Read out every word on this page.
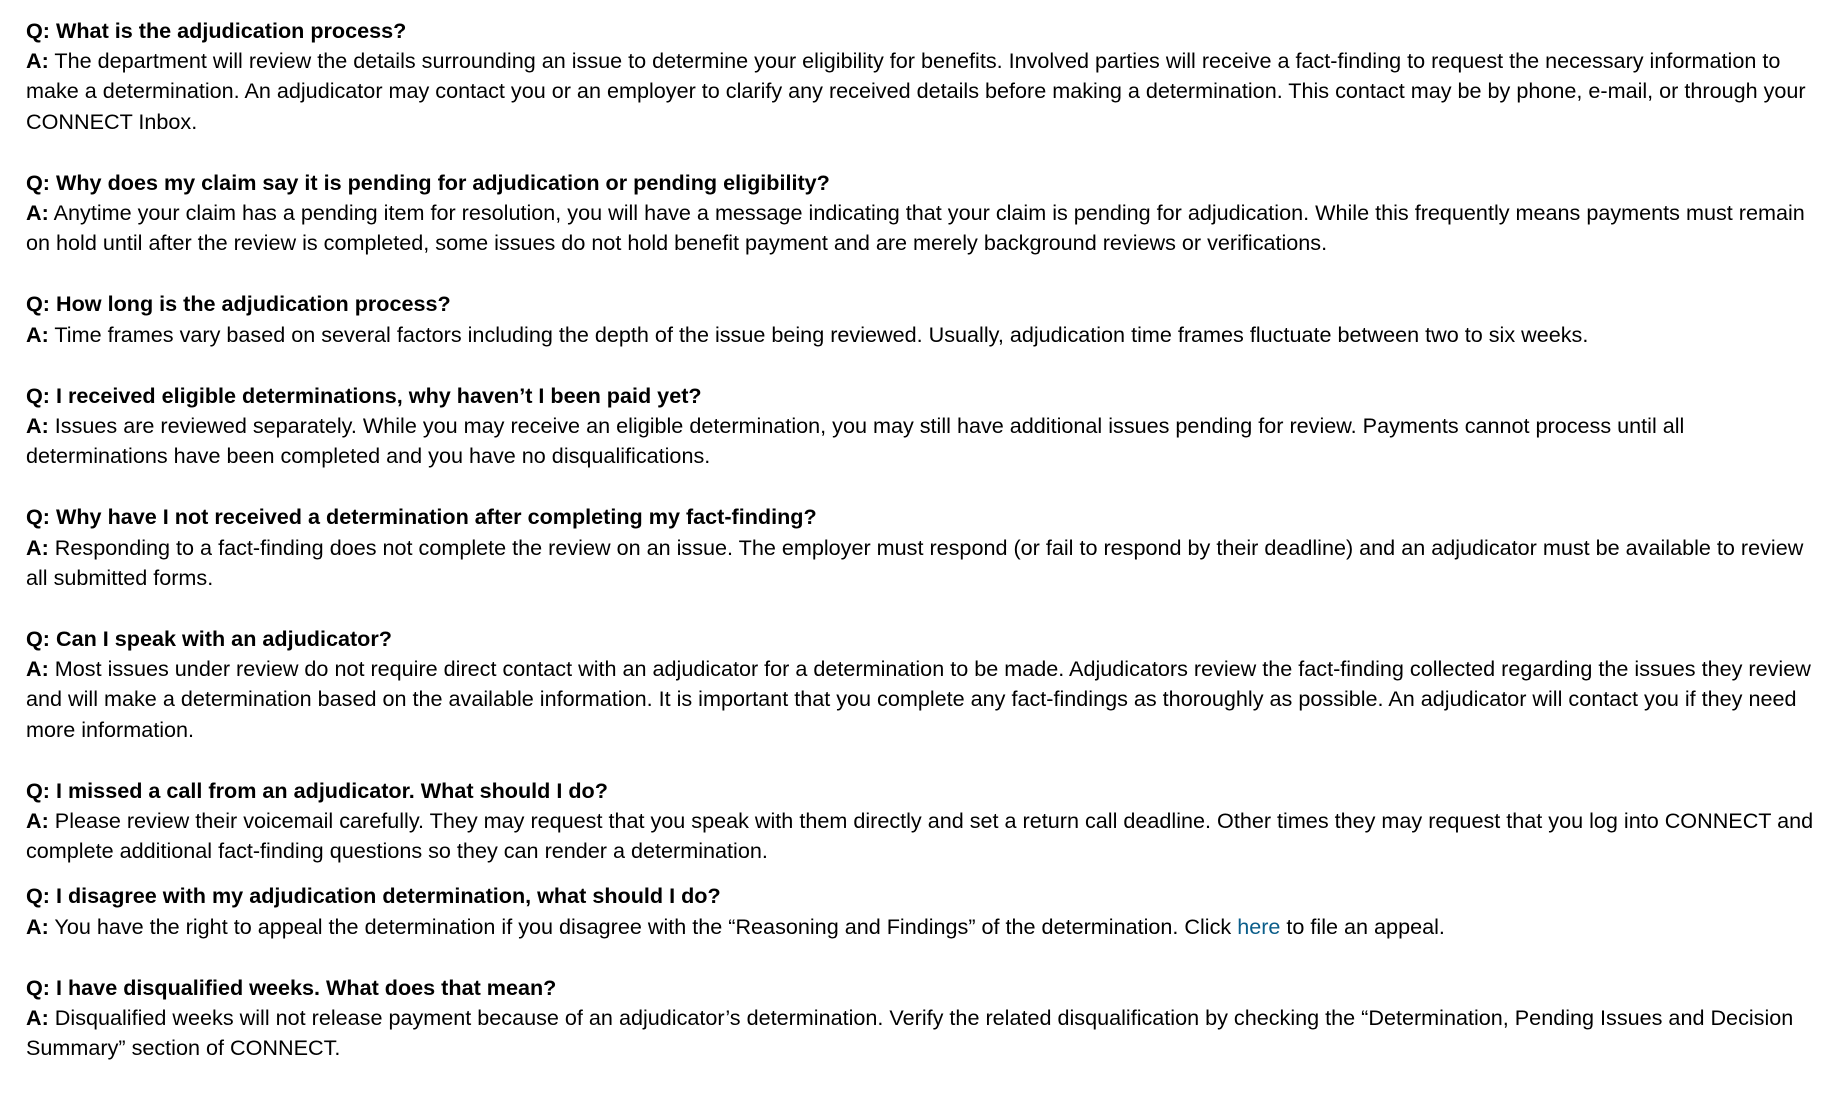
Q: What is the adjudication process?
A: The department will review the details surrounding an issue to determine your eligibility for benefits. Involved parties will receive a fact-finding to request the necessary information to make a determination. An adjudicator may contact you or an employer to clarify any received details before making a determination. This contact may be by phone, e-mail, or through your CONNECT Inbox.
Q: Why does my claim say it is pending for adjudication or pending eligibility?
A: Anytime your claim has a pending item for resolution, you will have a message indicating that your claim is pending for adjudication. While this frequently means payments must remain on hold until after the review is completed, some issues do not hold benefit payment and are merely background reviews or verifications.
Q: How long is the adjudication process?
A: Time frames vary based on several factors including the depth of the issue being reviewed. Usually, adjudication time frames fluctuate between two to six weeks.
Q: I received eligible determinations, why haven’t I been paid yet?
A: Issues are reviewed separately. While you may receive an eligible determination, you may still have additional issues pending for review. Payments cannot process until all determinations have been completed and you have no disqualifications.
Q: Why have I not received a determination after completing my fact-finding?
A: Responding to a fact-finding does not complete the review on an issue. The employer must respond (or fail to respond by their deadline) and an adjudicator must be available to review all submitted forms.
Q: Can I speak with an adjudicator?
A: Most issues under review do not require direct contact with an adjudicator for a determination to be made. Adjudicators review the fact-finding collected regarding the issues they review and will make a determination based on the available information. It is important that you complete any fact-findings as thoroughly as possible. An adjudicator will contact you if they need more information.
Q: I missed a call from an adjudicator. What should I do?
A: Please review their voicemail carefully. They may request that you speak with them directly and set a return call deadline. Other times they may request that you log into CONNECT and complete additional fact-finding questions so they can render a determination.
Q: I disagree with my adjudication determination, what should I do?
A: You have the right to appeal the determination if you disagree with the “Reasoning and Findings” of the determination. Click here to file an appeal.
Q: I have disqualified weeks. What does that mean?
A: Disqualified weeks will not release payment because of an adjudicator’s determination. Verify the related disqualification by checking the “Determination, Pending Issues and Decision Summary” section of CONNECT.
